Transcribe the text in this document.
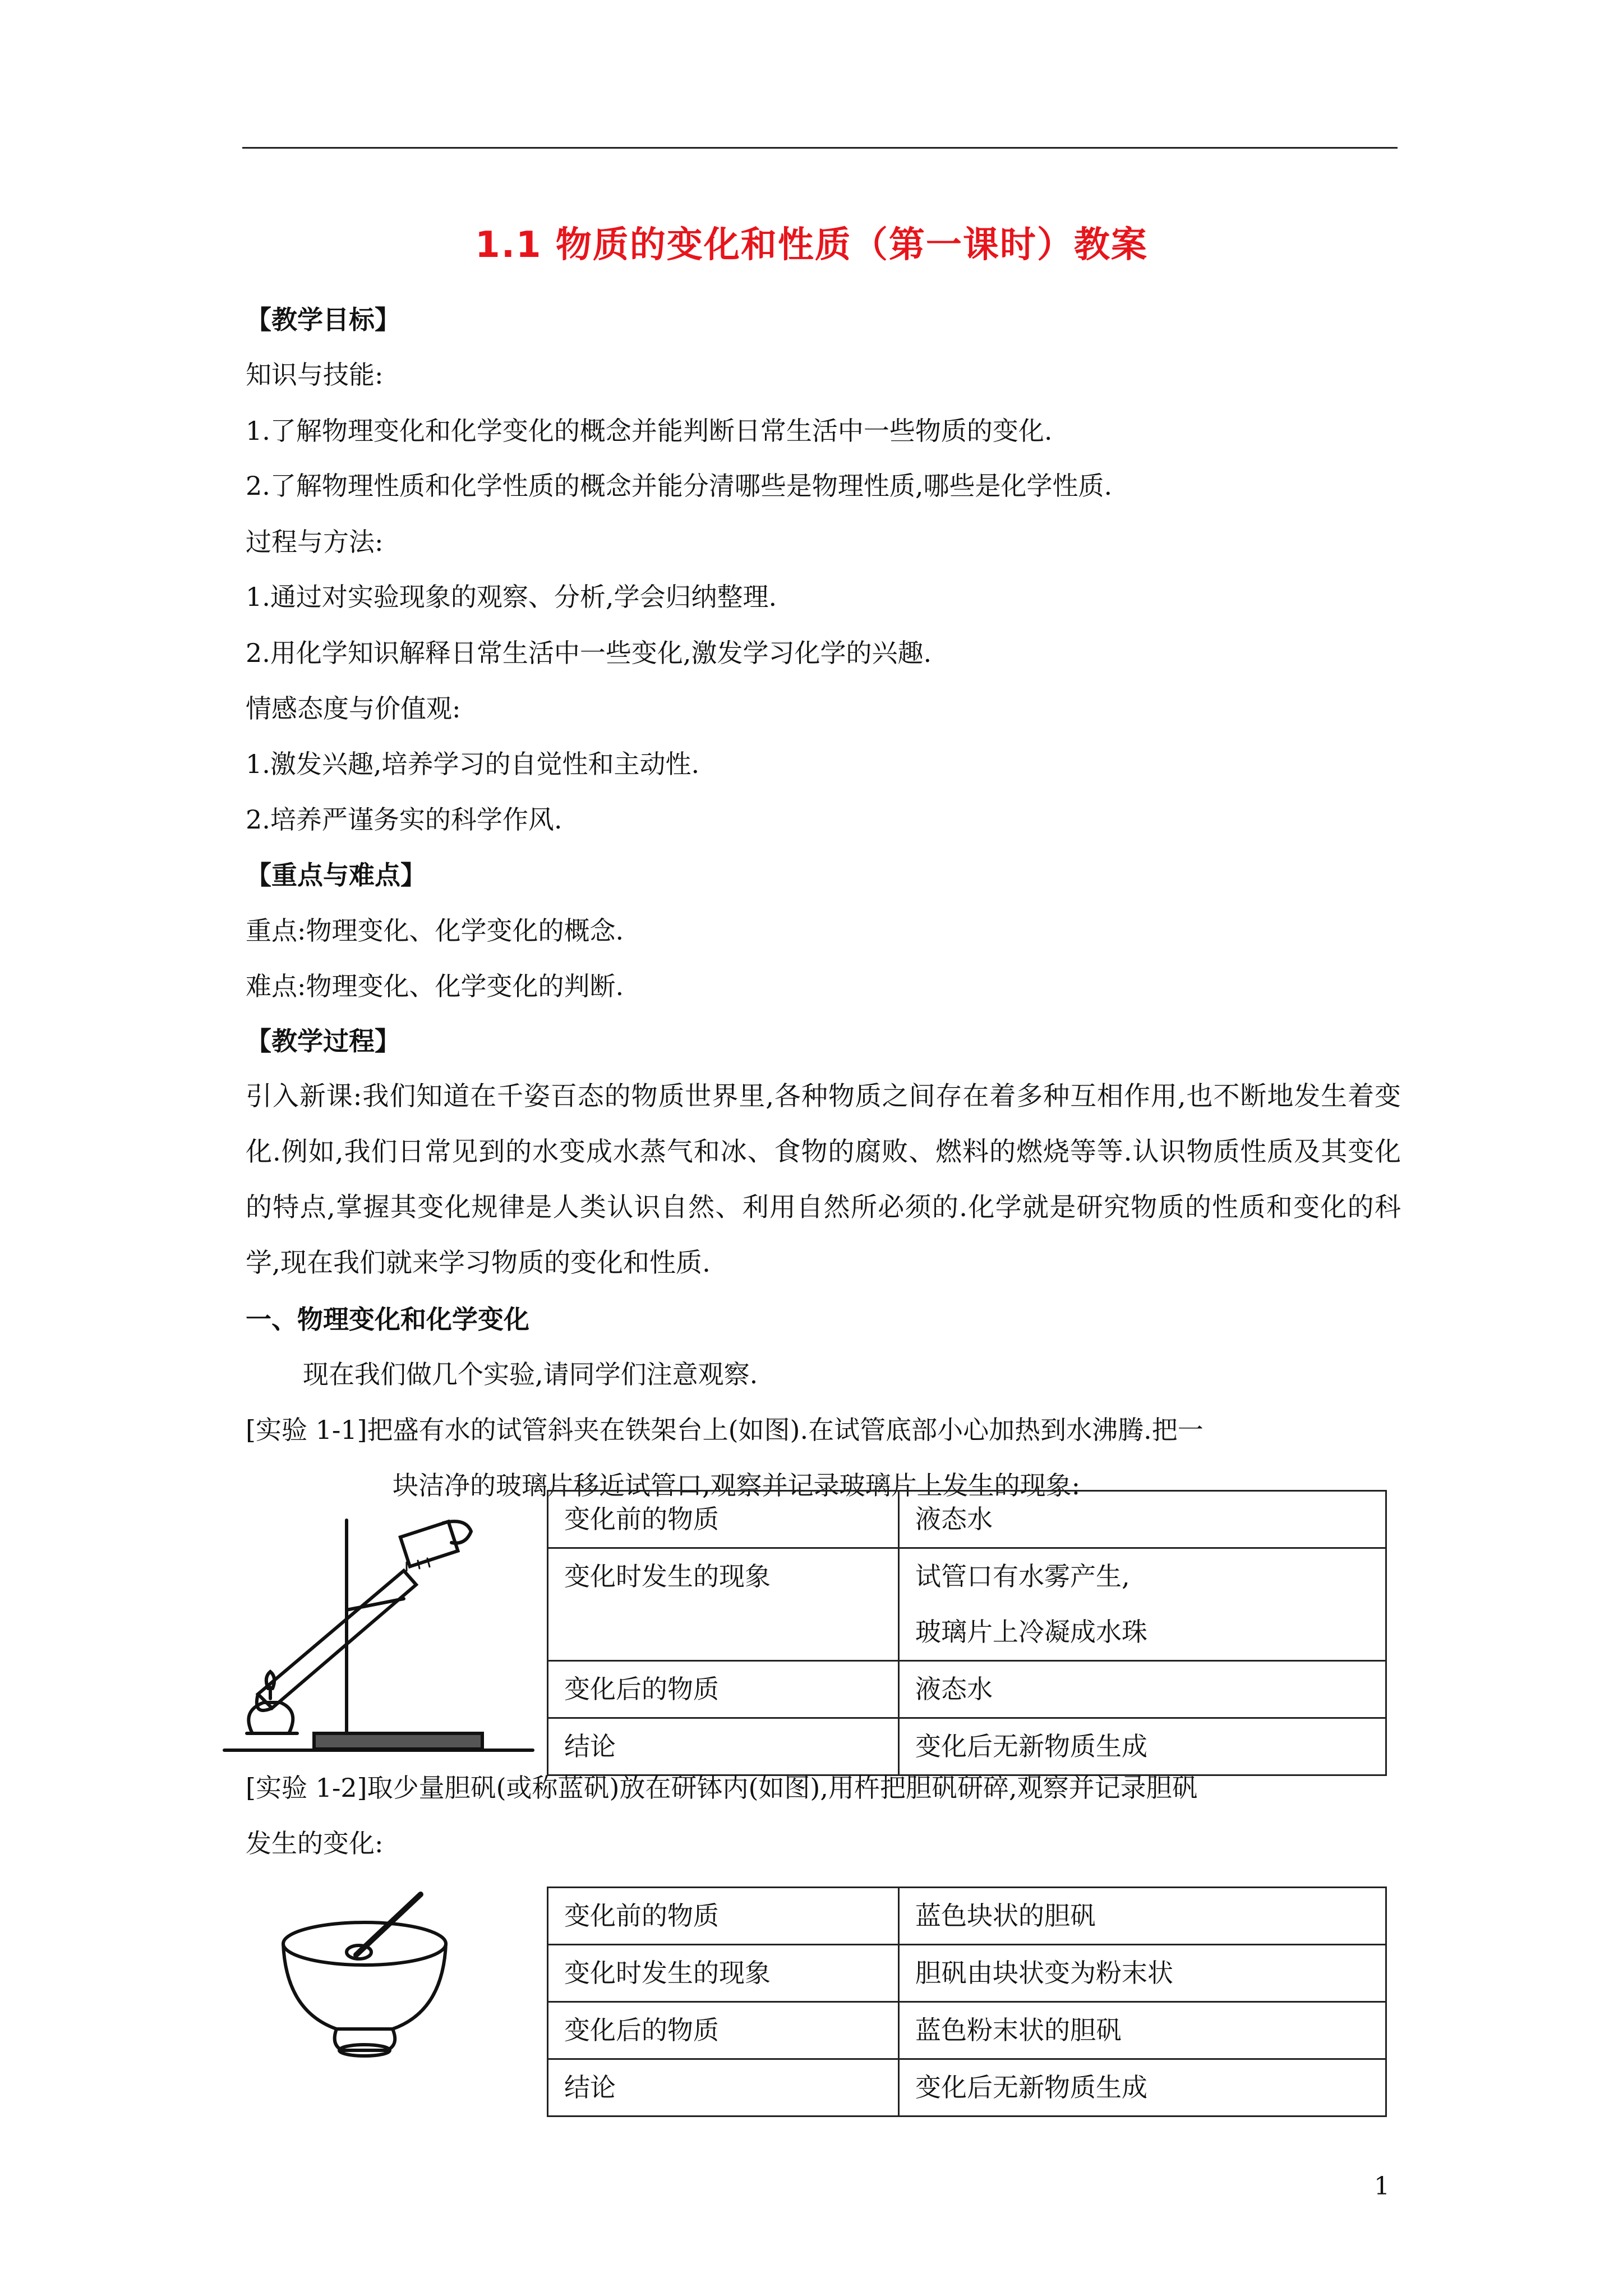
1.1 物质的变化和性质（第一课时）教案
【教学目标】
知识与技能:
1.了解物理变化和化学变化的概念并能判断日常生活中一些物质的变化.
2.了解物理性质和化学性质的概念并能分清哪些是物理性质,哪些是化学性质.
过程与方法:
1.通过对实验现象的观察、分析,学会归纳整理.
2.用化学知识解释日常生活中一些变化,激发学习化学的兴趣.
情感态度与价值观:
1.激发兴趣,培养学习的自觉性和主动性.
2.培养严谨务实的科学作风.
【重点与难点】
重点:物理变化、化学变化的概念.
难点:物理变化、化学变化的判断.
【教学过程】
引入新课:我们知道在千姿百态的物质世界里,各种物质之间存在着多种互相作用,也不断地发生着变化.例如,我们日常见到的水变成水蒸气和冰、食物的腐败、燃料的燃烧等等.认识物质性质及其变化的特点,掌握其变化规律是人类认识自然、利用自然所必须的.化学就是研究物质的性质和变化的科学,现在我们就来学习物质的变化和性质.
一、物理变化和化学变化
现在我们做几个实验,请同学们注意观察.
[实验 1-1]把盛有水的试管斜夹在铁架台上(如图).在试管底部小心加热到水沸腾.把一
块洁净的玻璃片移近试管口,观察并记录玻璃片上发生的现象:
变化前的物质	液态水
变化时发生的现象	试管口有水雾产生,
玻璃片上冷凝成水珠

变化后的物质	液态水
结论	变化后无新物质生成
[实验 1-2]取少量胆矾(或称蓝矾)放在研钵内(如图),用杵把胆矾研碎,观察并记录胆矾
发生的变化:
变化前的物质	蓝色块状的胆矾
变化时发生的现象	胆矾由块状变为粉末状
变化后的物质	蓝色粉末状的胆矾
结论	变化后无新物质生成
1
